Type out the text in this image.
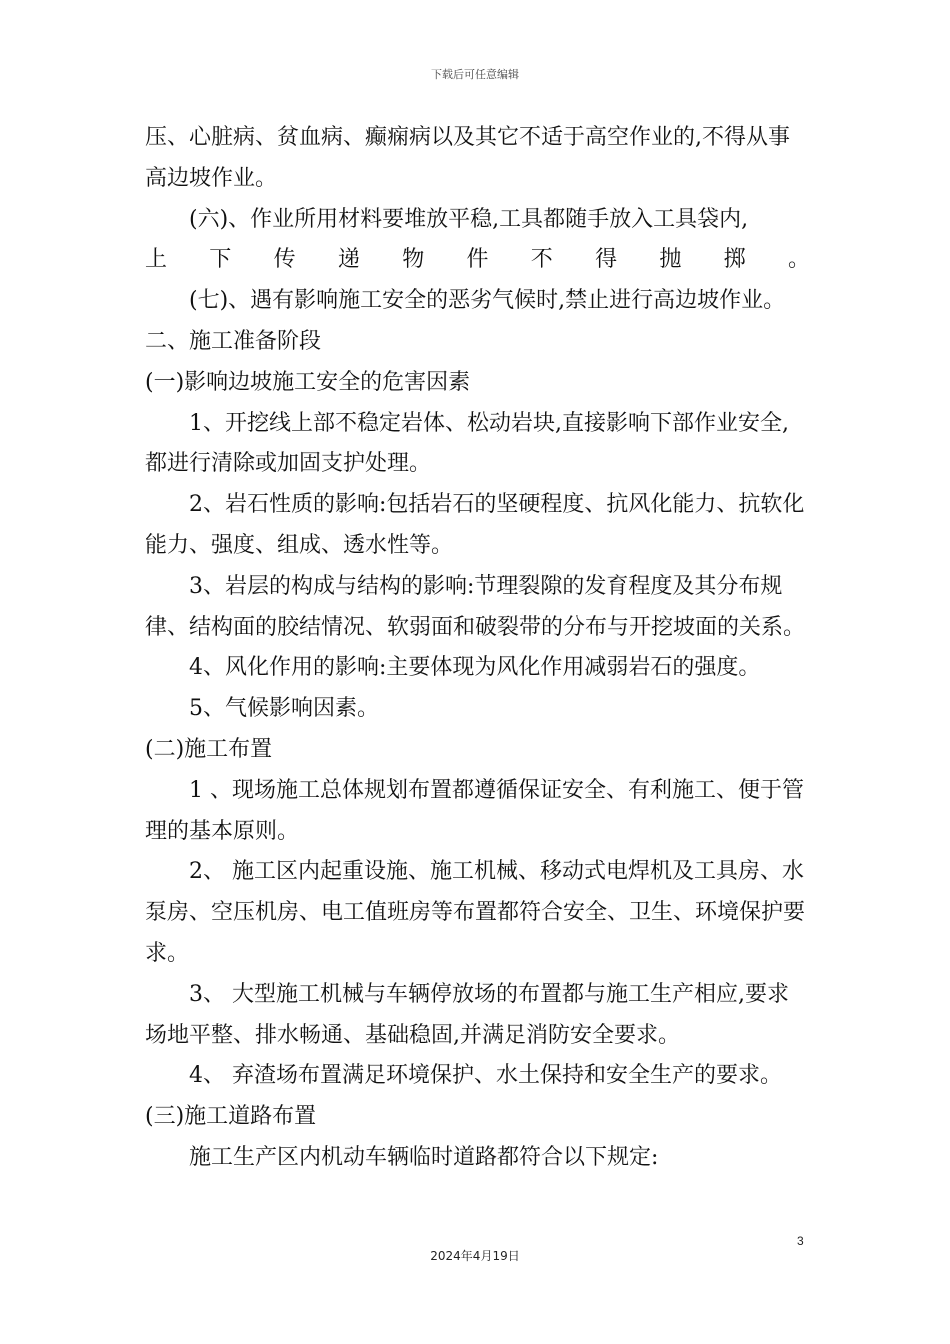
下载后可任意编辑

压、心脏病、贫血病、癫痫病以及其它不适于高空作业的,不得从事高边坡作业。

(六)、作业所用材料要堆放平稳,工具都随手放入工具袋内,

上下传递物件不得抛掷。

(七)、遇有影响施工安全的恶劣气候时,禁止进行高边坡作业。

二、施工准备阶段

(一)影响边坡施工安全的危害因素

1、开挖线上部不稳定岩体、松动岩块,直接影响下部作业安全,都进行清除或加固支护处理。

2、岩石性质的影响:包括岩石的坚硬程度、抗风化能力、抗软化能力、强度、组成、透水性等。

3、岩层的构成与结构的影响:节理裂隙的发育程度及其分布规律、结构面的胶结情况、软弱面和破裂带的分布与开挖坡面的关系。

4、风化作用的影响:主要体现为风化作用减弱岩石的强度。

5、气候影响因素。

(二)施工布置

1 、现场施工总体规划布置都遵循保证安全、有利施工、便于管理的基本原则。

2、 施工区内起重设施、施工机械、移动式电焊机及工具房、水泵房、空压机房、电工值班房等布置都符合安全、卫生、环境保护要求。

3、 大型施工机械与车辆停放场的布置都与施工生产相应,要求场地平整、排水畅通、基础稳固,并满足消防安全要求。

4、 弃渣场布置满足环境保护、水土保持和安全生产的要求。

(三)施工道路布置

施工生产区内机动车辆临时道路都符合以下规定:

3
2024年4月19日
